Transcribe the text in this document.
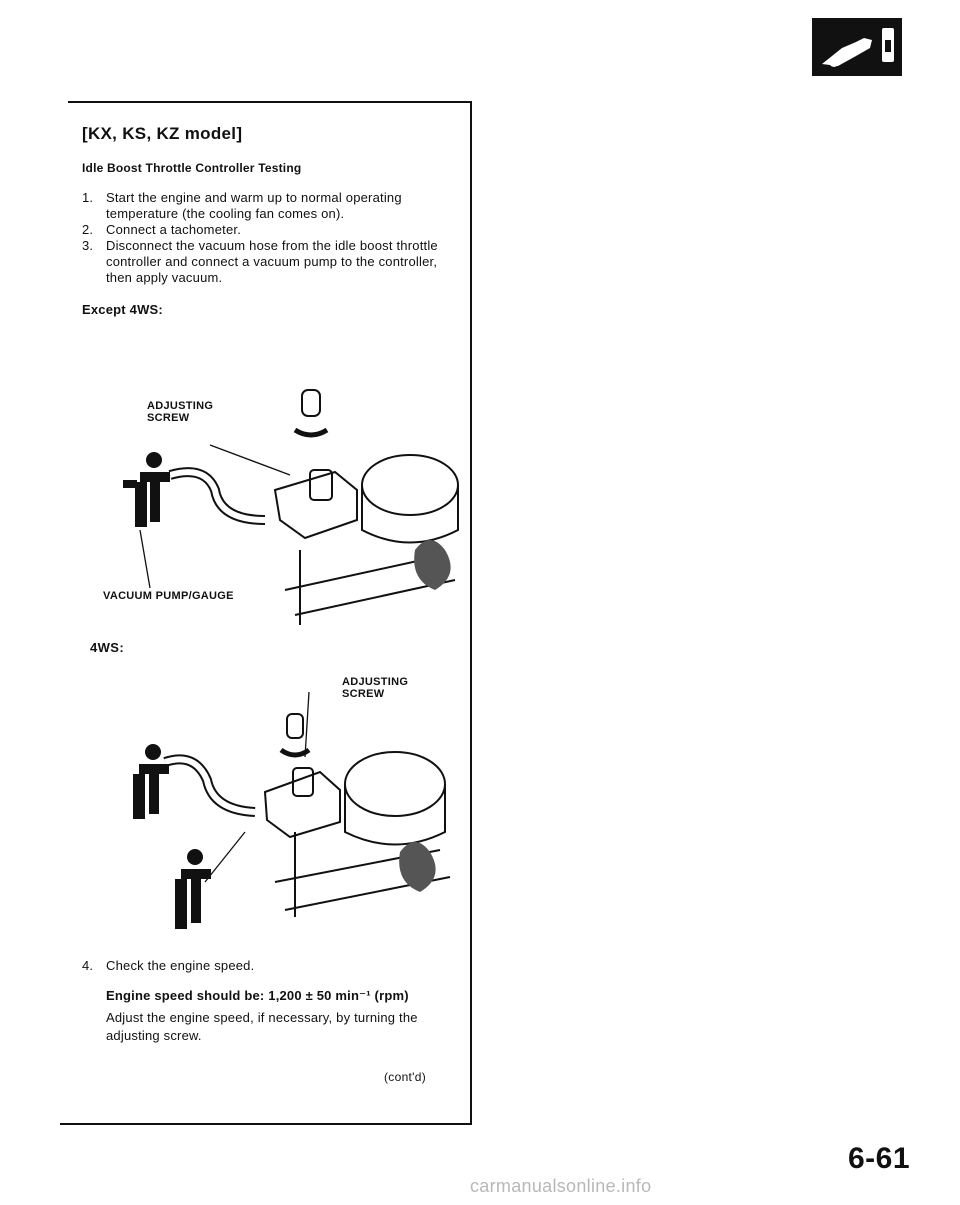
[KX, KS, KZ model]
Idle Boost Throttle Controller Testing
1. Start the engine and warm up to normal operating temperature (the cooling fan comes on).
2. Connect a tachometer.
3. Disconnect the vacuum hose from the idle boost throttle controller and connect a vacuum pump to the controller, then apply vacuum.
Except 4WS:
ADJUSTING
SCREW
VACUUM PUMP/GAUGE
4WS:
ADJUSTING
SCREW
4. Check the engine speed.
Engine speed should be: 1,200 ± 50 min⁻¹ (rpm)
Adjust the engine speed, if necessary, by turning the adjusting screw.
(cont'd)
6-61
carmanualsonline.info
